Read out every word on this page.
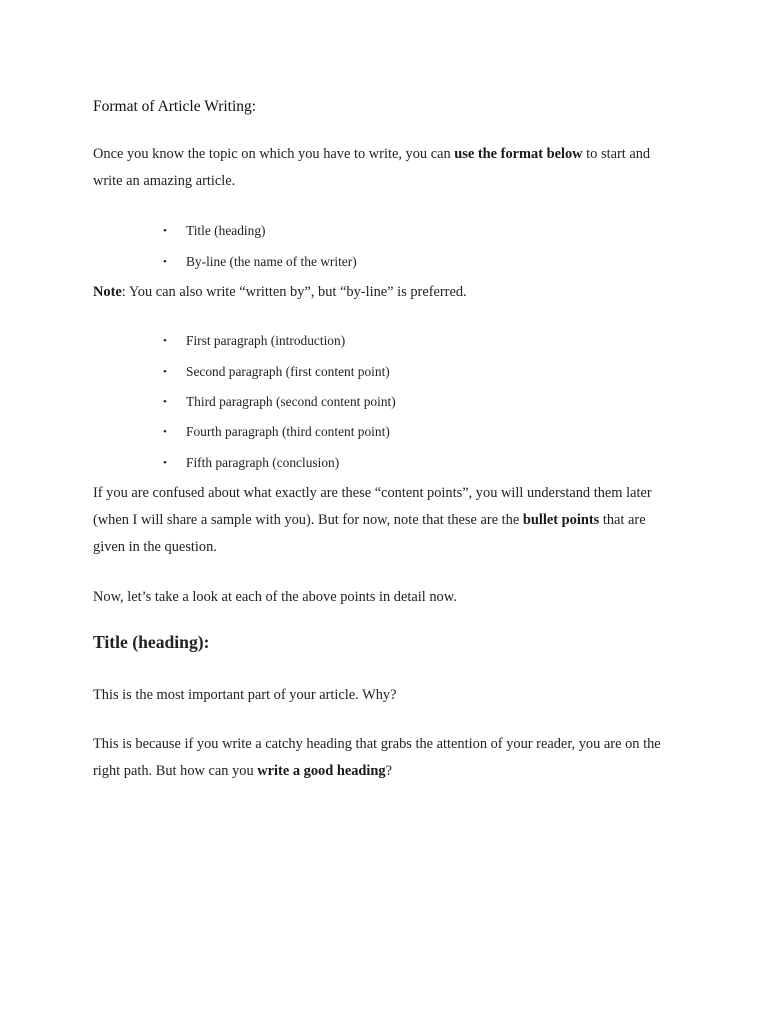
Format of Article Writing:

Once you know the topic on which you have to write, you can use the format below to start and write an amazing article.

• Title (heading)
• By-line (the name of the writer)

Note: You can also write “written by”, but “by-line” is preferred.

• First paragraph (introduction)
• Second paragraph (first content point)
• Third paragraph (second content point)
• Fourth paragraph (third content point)
• Fifth paragraph (conclusion)

If you are confused about what exactly are these “content points”, you will understand them later (when I will share a sample with you). But for now, note that these are the bullet points that are given in the question.

Now, let’s take a look at each of the above points in detail now.

Title (heading):

This is the most important part of your article. Why?

This is because if you write a catchy heading that grabs the attention of your reader, you are on the right path. But how can you write a good heading?
